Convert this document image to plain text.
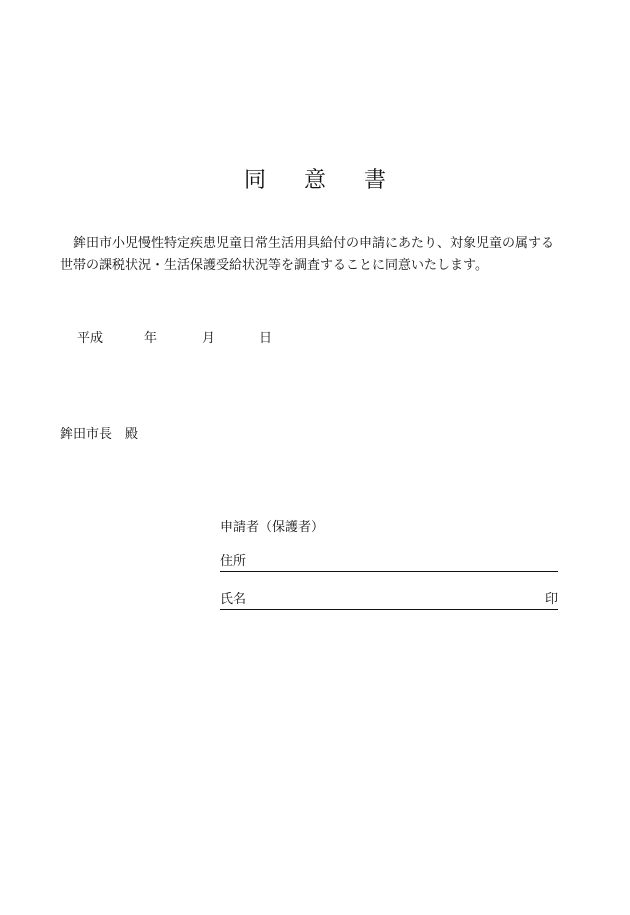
同 意 書
鉾田市小児慢性特定疾患児童日常生活用具給付の申請にあたり、対象児童の属する
世帯の課税状況・生活保護受給状況等を調査することに同意いたします。
平成	年	月	日
鉾田市長 殿
申請者（保護者）
住所
氏名	印
